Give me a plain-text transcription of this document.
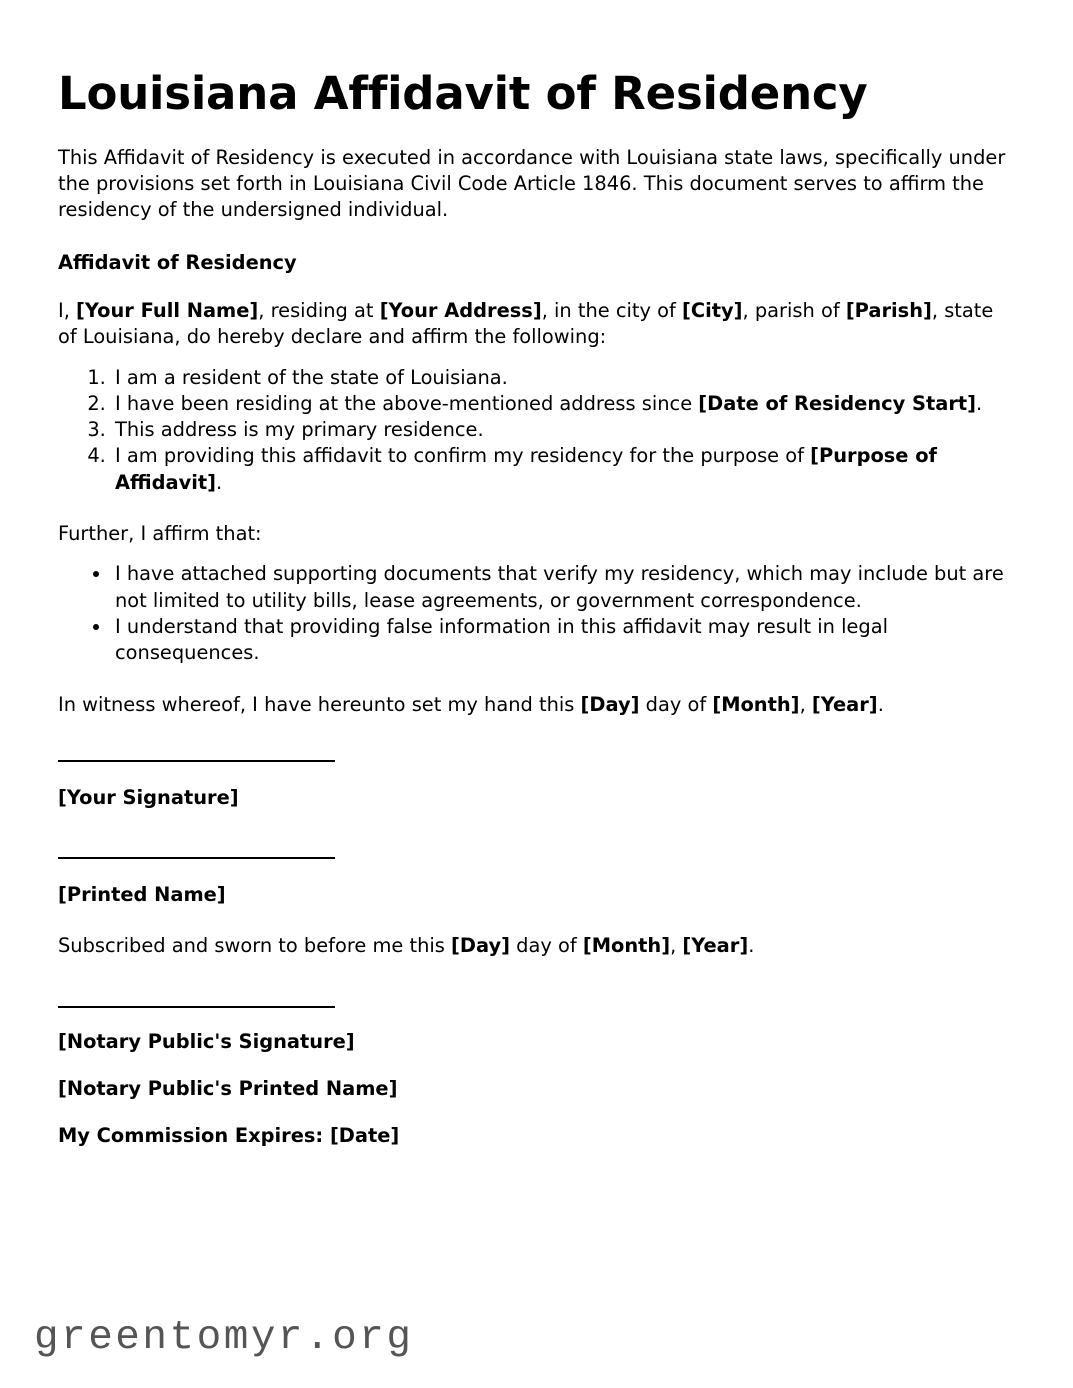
Louisiana Affidavit of Residency

This Affidavit of Residency is executed in accordance with Louisiana state laws, specifically under the provisions set forth in Louisiana Civil Code Article 1846. This document serves to affirm the residency of the undersigned individual.

Affidavit of Residency

I, [Your Full Name], residing at [Your Address], in the city of [City], parish of [Parish], state of Louisiana, do hereby declare and affirm the following:

1. I am a resident of the state of Louisiana.
2. I have been residing at the above-mentioned address since [Date of Residency Start].
3. This address is my primary residence.
4. I am providing this affidavit to confirm my residency for the purpose of [Purpose of Affidavit].

Further, I affirm that:

• I have attached supporting documents that verify my residency, which may include but are not limited to utility bills, lease agreements, or government correspondence.
• I understand that providing false information in this affidavit may result in legal consequences.

In witness whereof, I have hereunto set my hand this [Day] day of [Month], [Year].

[Your Signature]

[Printed Name]

Subscribed and sworn to before me this [Day] day of [Month], [Year].

[Notary Public's Signature]

[Notary Public's Printed Name]

My Commission Expires: [Date]

greentomyr.org
